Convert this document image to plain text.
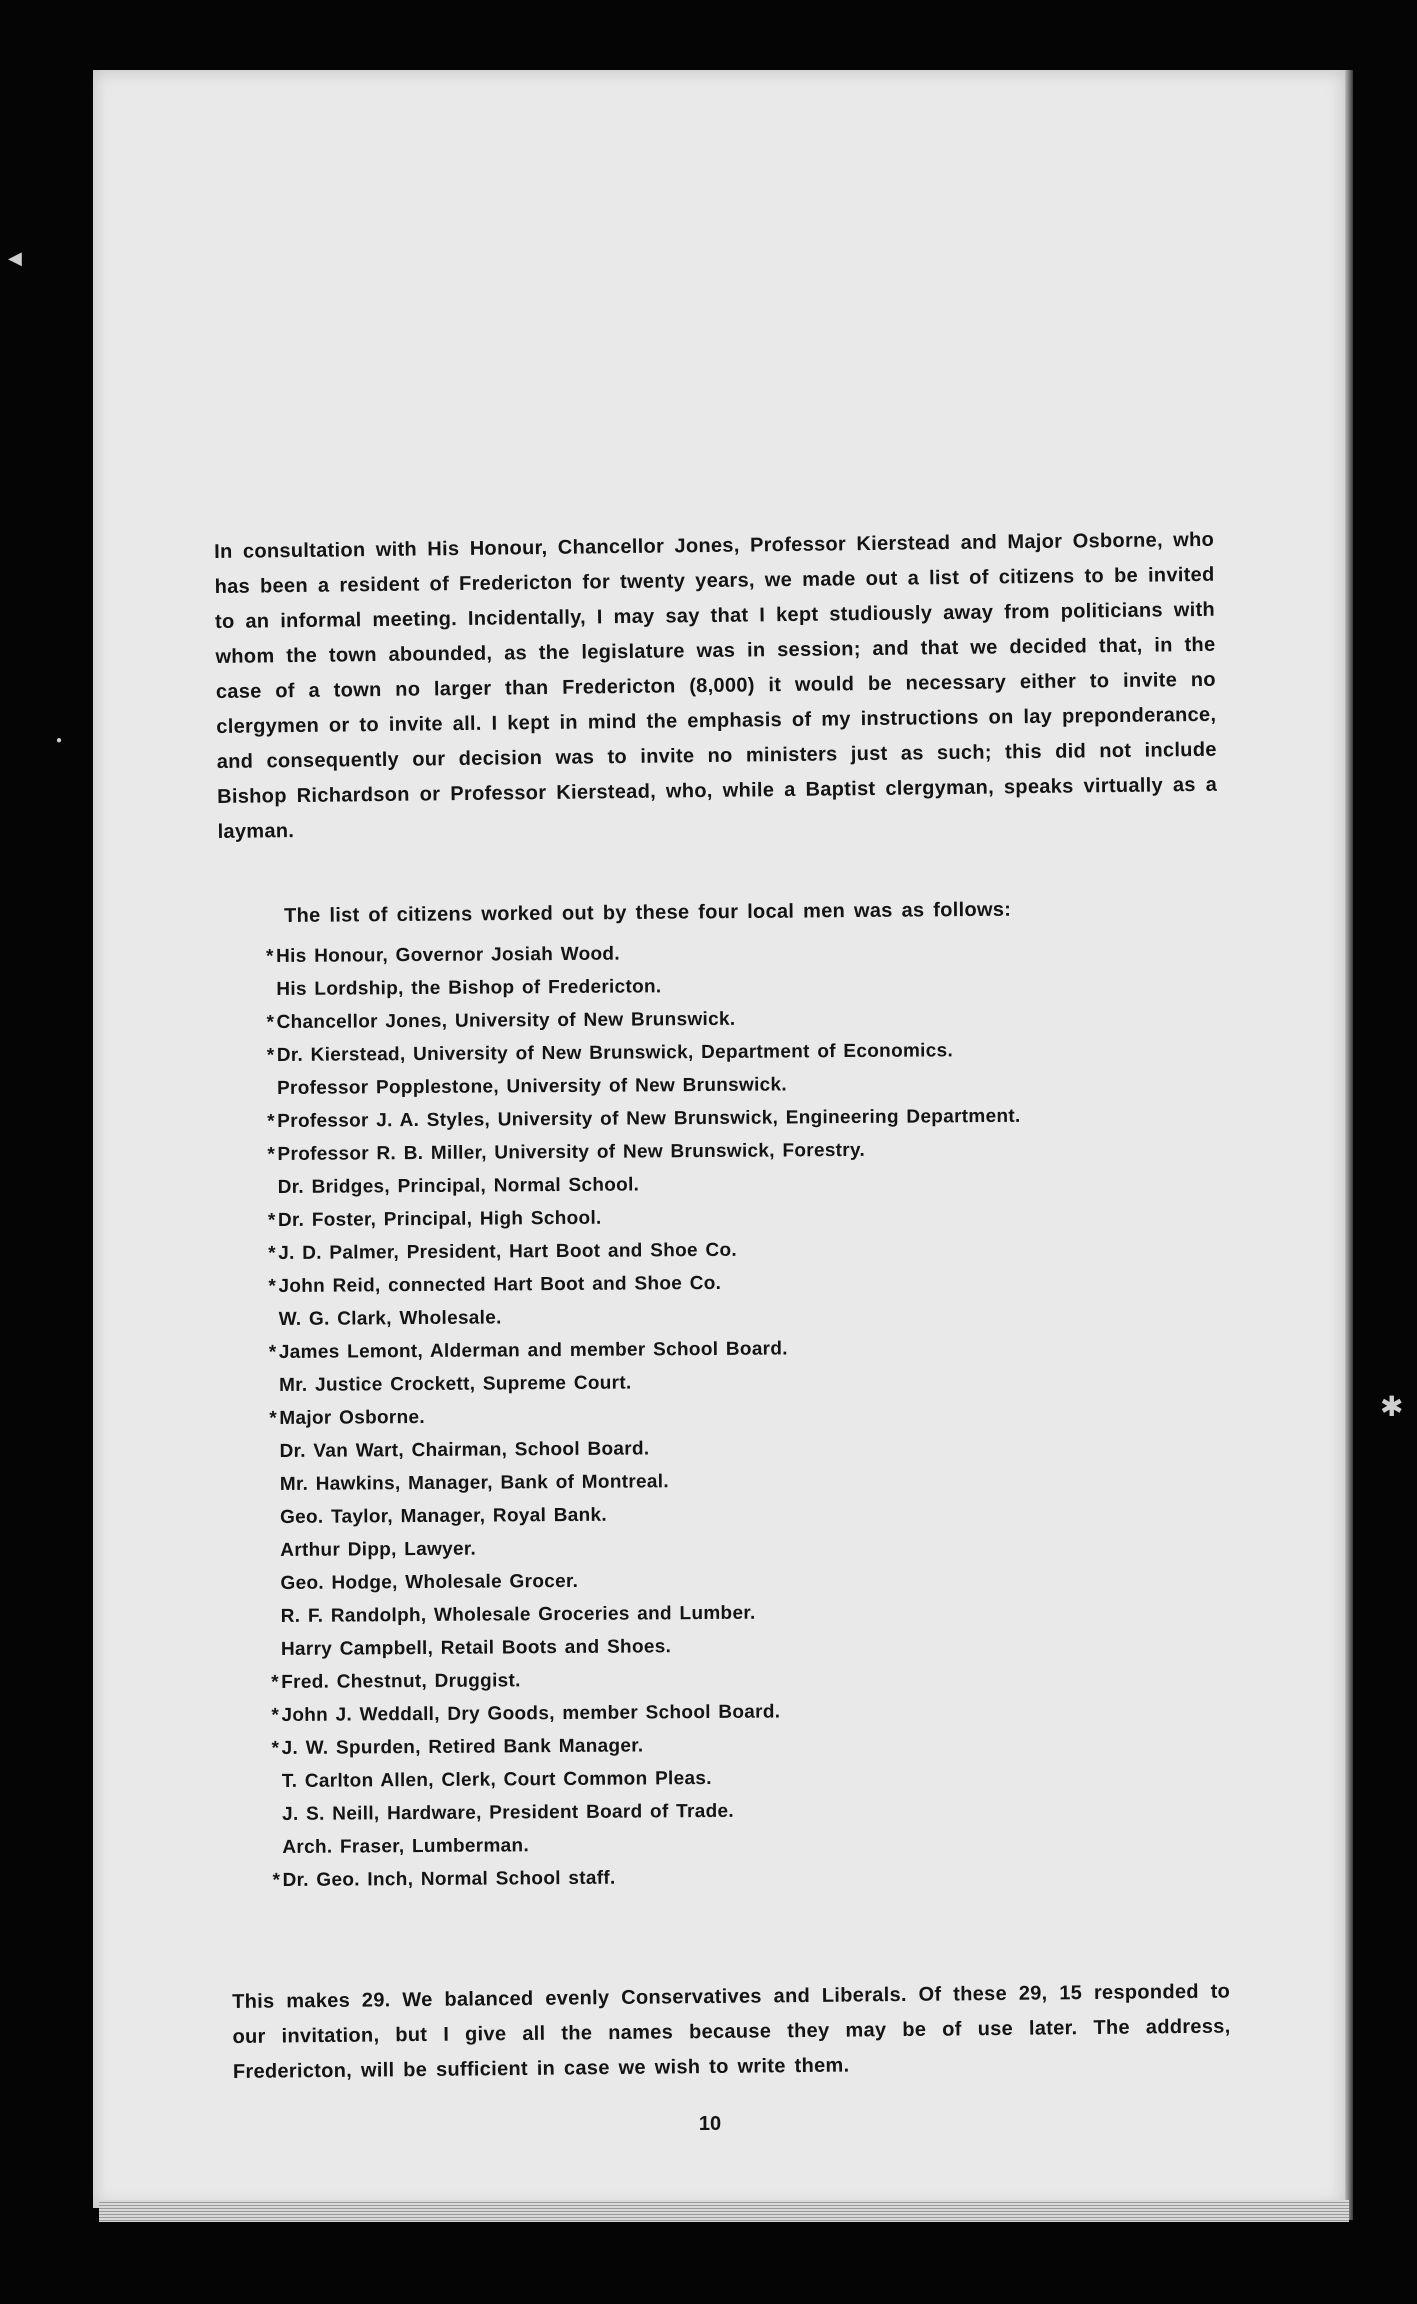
◀
●
✱

In consultation with His Honour, Chancellor Jones, Professor Kierstead and Major Osborne, who has been a resident of Fredericton for twenty years, we made out a list of citizens to be invited to an informal meeting. Incidentally, I may say that I kept studiously away from politicians with whom the town abounded, as the legislature was in session; and that we decided that, in the case of a town no larger than Fredericton (8,000) it would be necessary either to invite no clergymen or to invite all. I kept in mind the emphasis of my instructions on lay preponderance, and consequently our decision was to invite no ministers just as such; this did not include Bishop Richardson or Professor Kierstead, who, while a Baptist clergyman, speaks virtually as a layman.

The list of citizens worked out by these four local men was as follows:

* His Honour, Governor Josiah Wood.
His Lordship, the Bishop of Fredericton.
* Chancellor Jones, University of New Brunswick.
* Dr. Kierstead, University of New Brunswick, Department of Economics.
Professor Popplestone, University of New Brunswick.
* Professor J. A. Styles, University of New Brunswick, Engineering Department.
* Professor R. B. Miller, University of New Brunswick, Forestry.
Dr. Bridges, Principal, Normal School.
* Dr. Foster, Principal, High School.
* J. D. Palmer, President, Hart Boot and Shoe Co.
* John Reid, connected Hart Boot and Shoe Co.
W. G. Clark, Wholesale.
* James Lemont, Alderman and member School Board.
Mr. Justice Crockett, Supreme Court.
* Major Osborne.
Dr. Van Wart, Chairman, School Board.
Mr. Hawkins, Manager, Bank of Montreal.
Geo. Taylor, Manager, Royal Bank.
Arthur Dipp, Lawyer.
Geo. Hodge, Wholesale Grocer.
R. F. Randolph, Wholesale Groceries and Lumber.
Harry Campbell, Retail Boots and Shoes.
* Fred. Chestnut, Druggist.
* John J. Weddall, Dry Goods, member School Board.
* J. W. Spurden, Retired Bank Manager.
T. Carlton Allen, Clerk, Court Common Pleas.
J. S. Neill, Hardware, President Board of Trade.
Arch. Fraser, Lumberman.
* Dr. Geo. Inch, Normal School staff.

This makes 29. We balanced evenly Conservatives and Liberals. Of these 29, 15 responded to our invitation, but I give all the names because they may be of use later. The address, Fredericton, will be sufficient in case we wish to write them.

10
